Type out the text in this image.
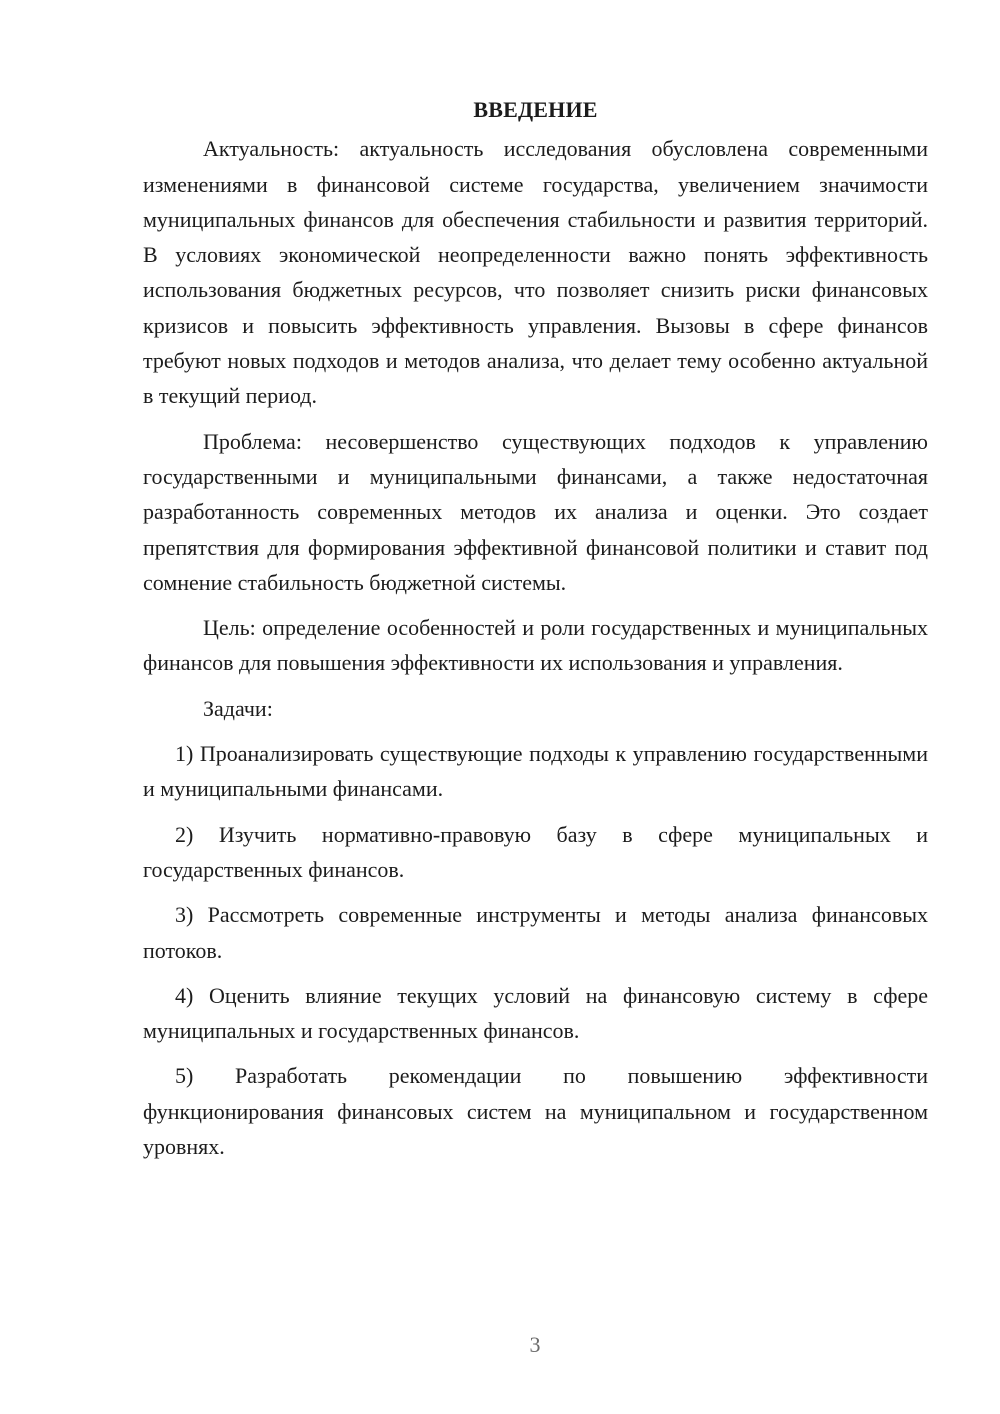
ВВЕДЕНИЕ

Актуальность: актуальность исследования обусловлена современными изменениями в финансовой системе государства, увеличением значимости муниципальных финансов для обеспечения стабильности и развития территорий. В условиях экономической неопределенности важно понять эффективность использования бюджетных ресурсов, что позволяет снизить риски финансовых кризисов и повысить эффективность управления. Вызовы в сфере финансов требуют новых подходов и методов анализа, что делает тему особенно актуальной в текущий период.

Проблема: несовершенство существующих подходов к управлению государственными и муниципальными финансами, а также недостаточная разработанность современных методов их анализа и оценки. Это создает препятствия для формирования эффективной финансовой политики и ставит под сомнение стабильность бюджетной системы.

Цель: определение особенностей и роли государственных и муниципальных финансов для повышения эффективности их использования и управления.

Задачи:

1) Проанализировать существующие подходы к управлению государственными и муниципальными финансами.

2) Изучить нормативно-правовую базу в сфере муниципальных и государственных финансов.

3) Рассмотреть современные инструменты и методы анализа финансовых потоков.

4) Оценить влияние текущих условий на финансовую систему в сфере муниципальных и государственных финансов.

5) Разработать рекомендации по повышению эффективности функционирования финансовых систем на муниципальном и государственном уровнях.

3
